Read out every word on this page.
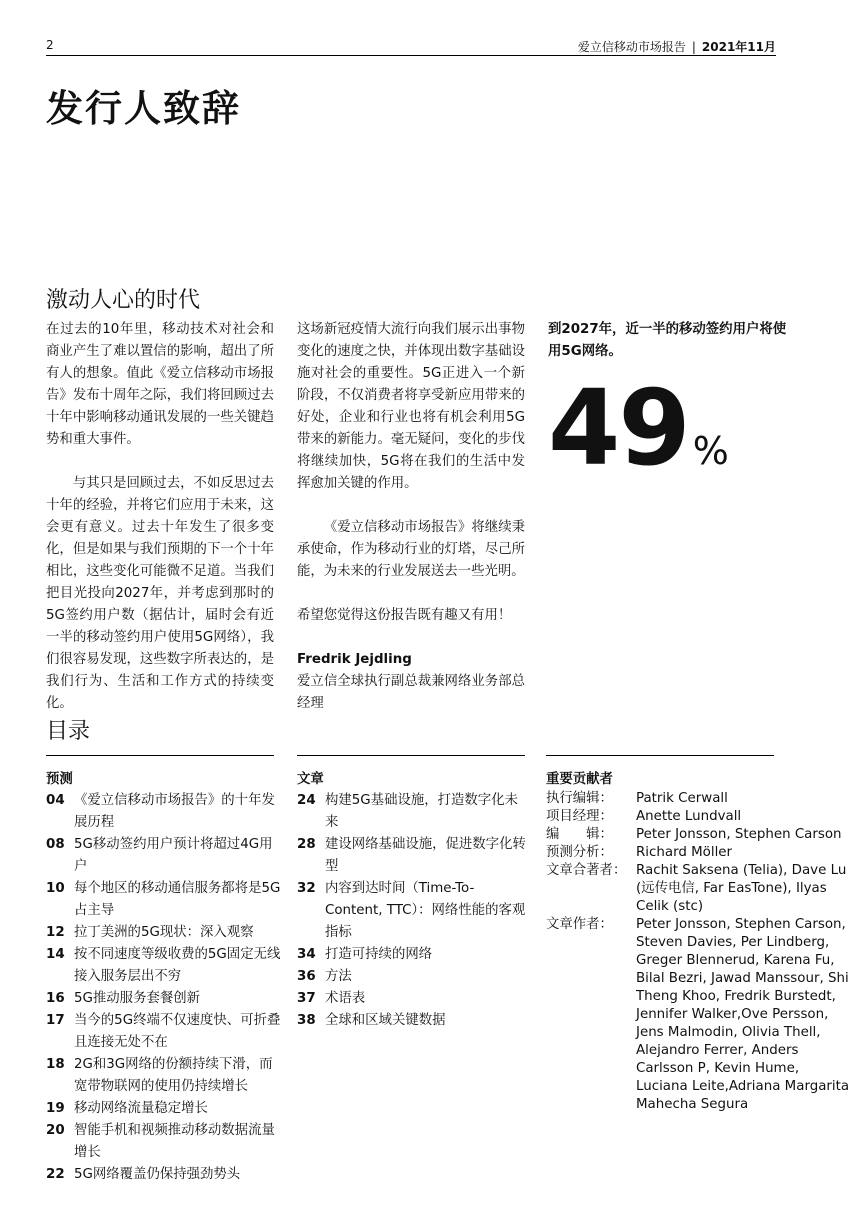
2	爱立信移动市场报告 | 2021年11月
发行人致辞
激动人心的时代

在过去的10年里，移动技术对社会和商业产生了难以置信的影响，超出了所有人的想象。值此《爱立信移动市场报告》发布十周年之际，我们将回顾过去十年中影响移动通讯发展的一些关键趋势和重大事件。

与其只是回顾过去，不如反思过去十年的经验，并将它们应用于未来，这会更有意义。过去十年发生了很多变化，但是如果与我们预期的下一个十年相比，这些变化可能微不足道。当我们把目光投向2027年，并考虑到那时的5G签约用户数（据估计，届时会有近一半的移动签约用户使用5G网络），我们很容易发现，这些数字所表达的，是我们行为、生活和工作方式的持续变化。

这场新冠疫情大流行向我们展示出事物变化的速度之快，并体现出数字基础设施对社会的重要性。5G正进入一个新阶段，不仅消费者将享受新应用带来的好处，企业和行业也将有机会利用5G带来的新能力。毫无疑问，变化的步伐将继续加快，5G将在我们的生活中发挥愈加关键的作用。

《爱立信移动市场报告》将继续秉承使命，作为移动行业的灯塔，尽己所能，为未来的行业发展送去一些光明。

希望您觉得这份报告既有趣又有用！

Fredrik Jejdling

爱立信全球执行副总裁兼网络业务部总经理

到2027年，近一半的移动签约用户将使用5G网络。
49 %
目录
预测	文章	重要贡献者
04 《爱立信移动市场报告》的十年发展历程
08 5G移动签约用户预计将超过4G用户
10 每个地区的移动通信服务都将是5G占主导
12 拉丁美洲的5G现状：深入观察
14 按不同速度等级收费的5G固定无线接入服务层出不穷
16 5G推动服务套餐创新
17 当今的5G终端不仅速度快、可折叠且连接无处不在
18 2G和3G网络的份额持续下滑，而宽带物联网的使用仍持续增长
19 移动网络流量稳定增长
20 智能手机和视频推动移动数据流量增长
22 5G网络覆盖仍保持强劲势头
24 构建5G基础设施，打造数字化未来
28 建设网络基础设施，促进数字化转型
32 内容到达时间（Time-To-Content, TTC）：网络性能的客观指标
34 打造可持续的网络
36 方法
37 术语表
38 全球和区域关键数据
执行编辑：	Patrik Cerwall
项目经理：	Anette Lundvall
编　　辑：	Peter Jonsson, Stephen Carson
预测分析：	Richard Möller
文章合著者： Rachit Saksena (Telia), Dave Lu (远传电信, Far EasTone), Ilyas Celik (stc)
文章作者：	Peter Jonsson, Stephen Carson, Steven Davies, Per Lindberg, Greger Blennerud, Karena Fu, Bilal Bezri, Jawad Manssour, Shi Theng Khoo, Fredrik Burstedt, Jennifer Walker,Ove Persson, Jens Malmodin, Olivia Thell, Alejandro Ferrer, Anders Carlsson P, Kevin Hume, Luciana Leite,Adriana Margarita Mahecha Segura
